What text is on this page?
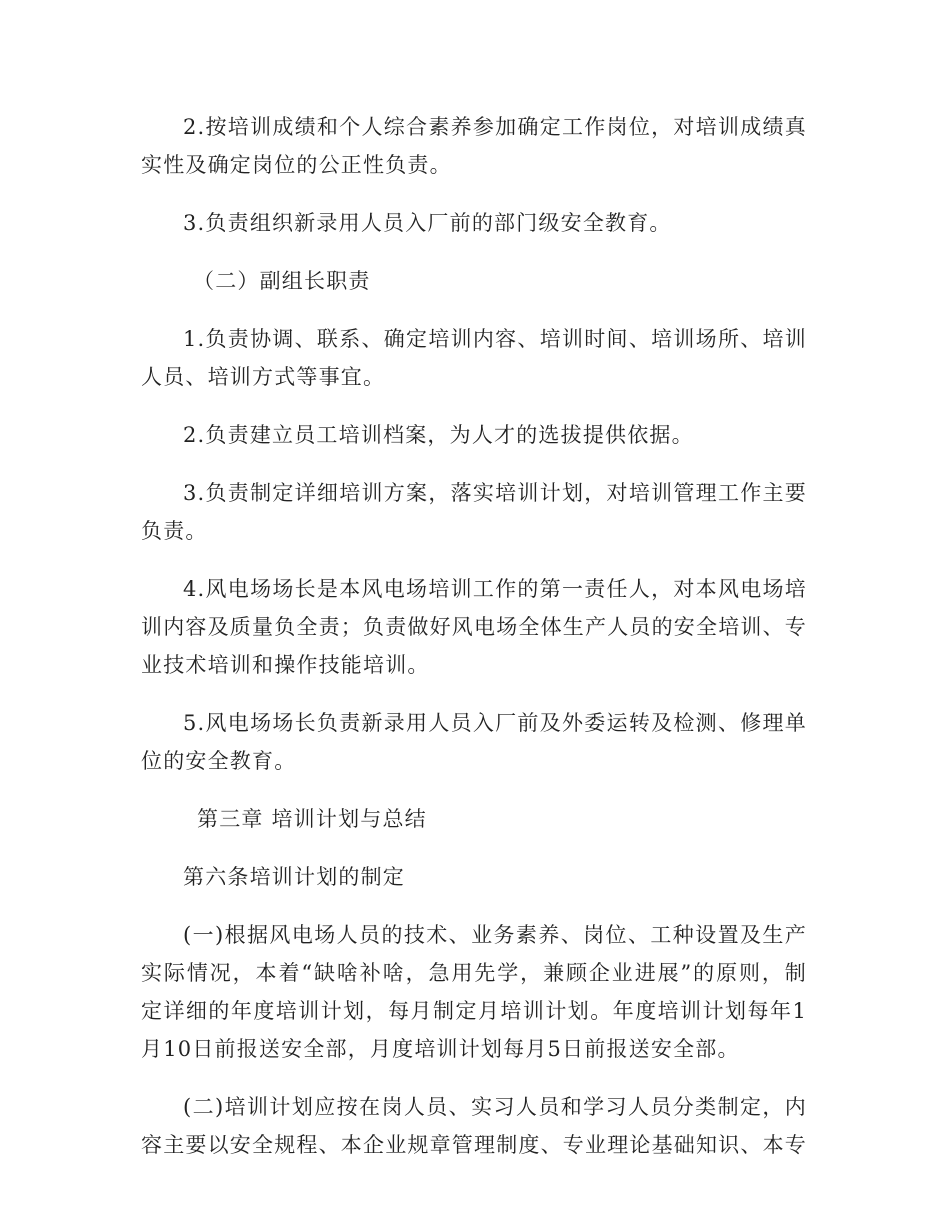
2.按培训成绩和个人综合素养参加确定工作岗位，对培训成绩真实性及确定岗位的公正性负责。

3.负责组织新录用人员入厂前的部门级安全教育。

（二）副组长职责

1.负责协调、联系、确定培训内容、培训时间、培训场所、培训人员、培训方式等事宜。

2.负责建立员工培训档案，为人才的选拔提供依据。

3.负责制定详细培训方案，落实培训计划，对培训管理工作主要负责。

4.风电场场长是本风电场培训工作的第一责任人，对本风电场培训内容及质量负全责；负责做好风电场全体生产人员的安全培训、专业技术培训和操作技能培训。

5.风电场场长负责新录用人员入厂前及外委运转及检测、修理单位的安全教育。

第三章 培训计划与总结

第六条培训计划的制定

(一)根据风电场人员的技术、业务素养、岗位、工种设置及生产实际情况，本着“缺啥补啥，急用先学，兼顾企业进展”的原则，制定详细的年度培训计划，每月制定月培训计划。年度培训计划每年1月10日前报送安全部，月度培训计划每月5日前报送安全部。

(二)培训计划应按在岗人员、实习人员和学习人员分类制定，内容主要以安全规程、本企业规章管理制度、专业理论基础知识、本专
